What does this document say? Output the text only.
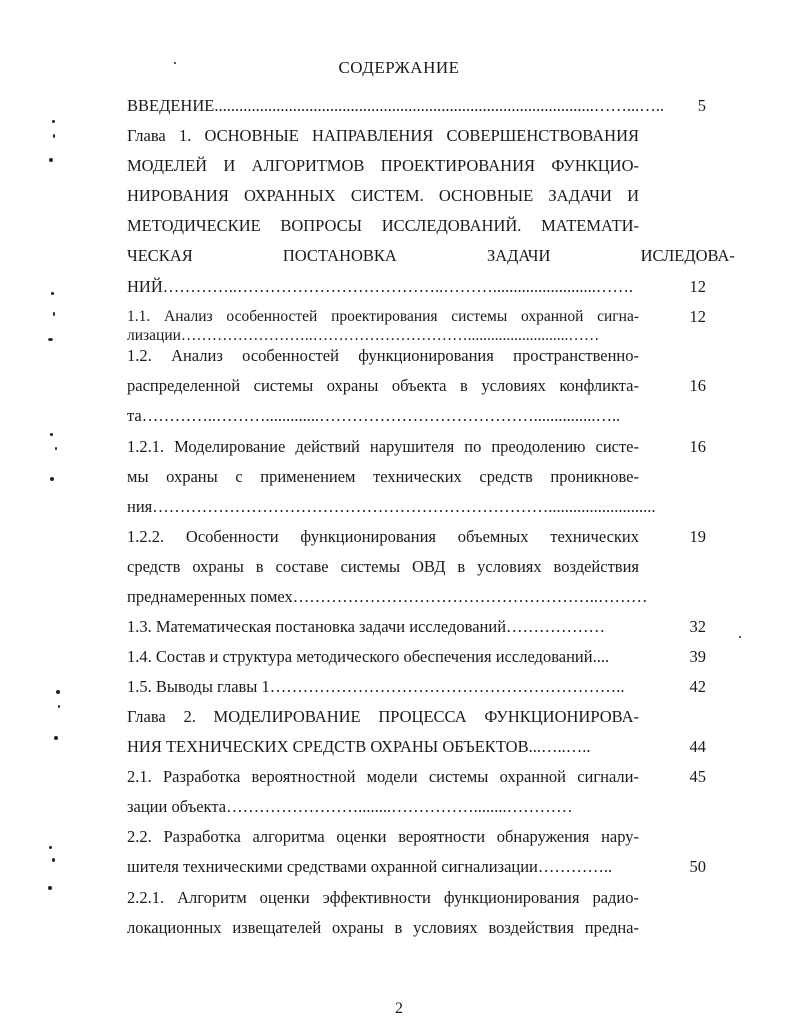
СОДЕРЖАНИЕ
ВВЕДЕНИЕ............................................................................................……...…..
Глава 1. ОСНОВНЫЕ НАПРАВЛЕНИЯ СОВЕРШЕНСТВОВАНИЯ
МОДЕЛЕЙ И АЛГОРИТМОВ ПРОЕКТИРОВАНИЯ ФУНКЦИО-
НИРОВАНИЯ ОХРАННЫХ СИСТЕМ. ОСНОВНЫЕ ЗАДАЧИ И
МЕТОДИЧЕСКИЕ ВОПРОСЫ ИССЛЕДОВАНИЙ. МАТЕМАТИ-
ЧЕСКАЯ ПОСТАНОВКА ЗАДАЧИ ИСЛЕДОВА-
НИЙ…………..………………………………..……….........................…….
1.1. Анализ особенностей проектирования системы охранной сигна-
лизации……………………..…………………………..........................……
1.2. Анализ особенностей функционирования пространственно-
распределенной системы охраны объекта в условиях конфликта-
та…………..……….............…………………………………...............…..
1.2.1. Моделирование действий нарушителя по преодолению систе-
мы охраны с применением технических средств проникнове-
ния………………………………………………………………..........................
1.2.2. Особенности функционирования объемных технических
средств охраны в составе системы ОВД в условиях воздействия
преднамеренных помех………………………………………………..………
1.3. Математическая постановка задачи исследований………………
1.4. Состав и структура методического обеспечения исследований....
1.5. Выводы главы 1………………………………………………………..
Глава 2. МОДЕЛИРОВАНИЕ ПРОЦЕССА ФУНКЦИОНИРОВА-
НИЯ ТЕХНИЧЕСКИХ СРЕДСТВ ОХРАНЫ ОБЪЕКТОВ...…..…..
2.1. Разработка вероятностной модели системы охранной сигнали-
зации объекта……………………........……………........…………
2.2. Разработка алгоритма оценки вероятности обнаружения нару-
шителя техническими средствами охранной сигнализации…………..
2.2.1. Алгоритм оценки эффективности функционирования радио-
локационных извещателей охраны в условиях воздействия предна-
5
12
12
16
16
19
32
39
42
44
45
50
2
